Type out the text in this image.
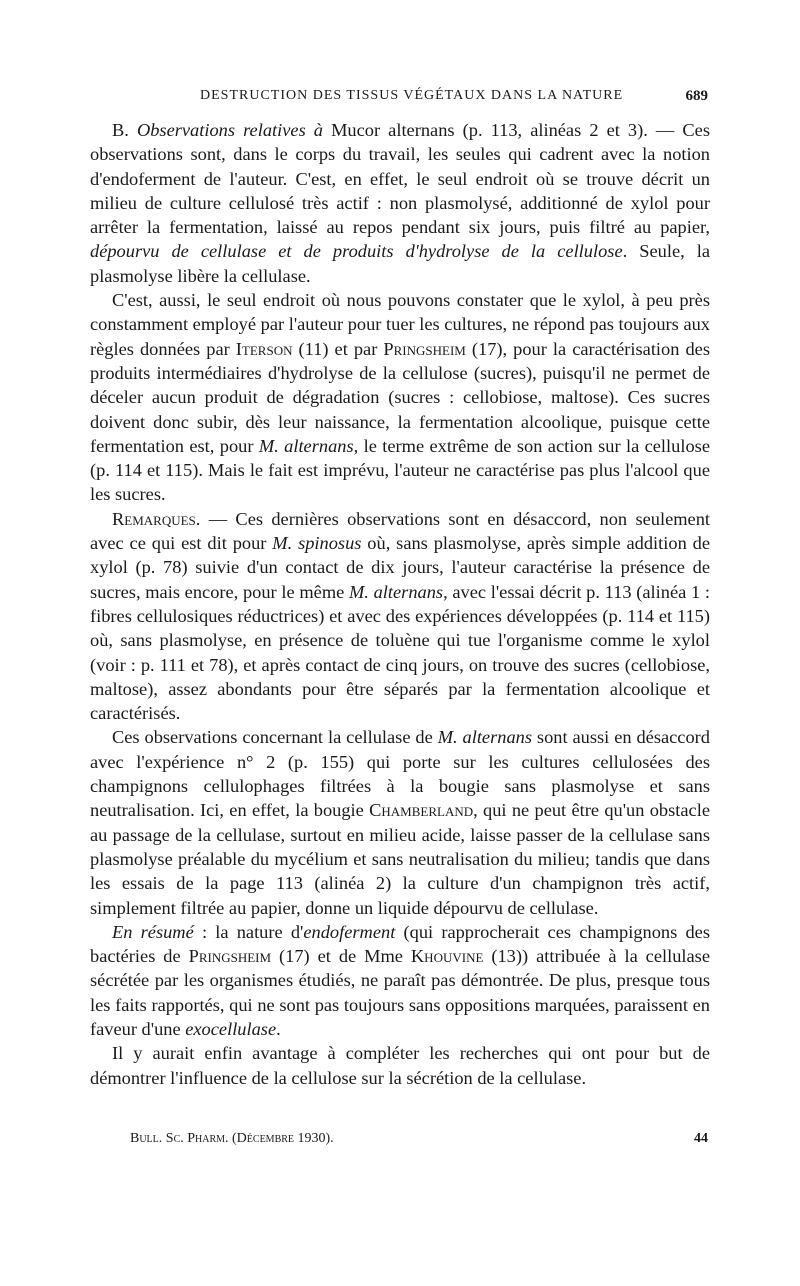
DESTRUCTION DES TISSUS VÉGÉTAUX DANS LA NATURE	689

B. Observations relatives à Mucor alternans (p. 113, alinéas 2 et 3). — Ces observations sont, dans le corps du travail, les seules qui cadrent avec la notion d'endoferment de l'auteur. C'est, en effet, le seul endroit où se trouve décrit un milieu de culture cellulosé très actif : non plasmolysé, additionné de xylol pour arrêter la fermentation, laissé au repos pendant six jours, puis filtré au papier, dépourvu de cellulase et de produits d'hydrolyse de la cellulose. Seule, la plasmolyse libère la cellulase.

C'est, aussi, le seul endroit où nous pouvons constater que le xylol, à peu près constamment employé par l'auteur pour tuer les cultures, ne répond pas toujours aux règles données par Iterson (11) et par Pringsheim (17), pour la caractérisation des produits intermédiaires d'hydrolyse de la cellulose (sucres), puisqu'il ne permet de déceler aucun produit de dégradation (sucres : cellobiose, maltose). Ces sucres doivent donc subir, dès leur naissance, la fermentation alcoolique, puisque cette fermentation est, pour M. alternans, le terme extrême de son action sur la cellulose (p. 114 et 115). Mais le fait est imprévu, l'auteur ne caractérise pas plus l'alcool que les sucres.

Remarques. — Ces dernières observations sont en désaccord, non seulement avec ce qui est dit pour M. spinosus où, sans plasmolyse, après simple addition de xylol (p. 78) suivie d'un contact de dix jours, l'auteur caractérise la présence de sucres, mais encore, pour le même M. alternans, avec l'essai décrit p. 113 (alinéa 1 : fibres cellulosiques réductrices) et avec des expériences développées (p. 114 et 115) où, sans plasmolyse, en présence de toluène qui tue l'organisme comme le xylol (voir : p. 111 et 78), et après contact de cinq jours, on trouve des sucres (cellobiose, maltose), assez abondants pour être séparés par la fermentation alcoolique et caractérisés.

Ces observations concernant la cellulase de M. alternans sont aussi en désaccord avec l'expérience n° 2 (p. 155) qui porte sur les cultures cellulosées des champignons cellulophages filtrées à la bougie sans plasmolyse et sans neutralisation. Ici, en effet, la bougie Chamberland, qui ne peut être qu'un obstacle au passage de la cellulase, surtout en milieu acide, laisse passer de la cellulase sans plasmolyse préalable du mycélium et sans neutralisation du milieu; tandis que dans les essais de la page 113 (alinéa 2) la culture d'un champignon très actif, simplement filtrée au papier, donne un liquide dépourvu de cellulase.

En résumé : la nature d'endoferment (qui rapprocherait ces champignons des bactéries de Pringsheim (17) et de Mme Khouvine (13)) attribuée à la cellulase sécrétée par les organismes étudiés, ne paraît pas démontrée. De plus, presque tous les faits rapportés, qui ne sont pas toujours sans oppositions marquées, paraissent en faveur d'une exocellulase.

Il y aurait enfin avantage à compléter les recherches qui ont pour but de démontrer l'influence de la cellulose sur la sécrétion de la cellulase.

Bull. Sc. Pharm. (Décembre 1930).	44
